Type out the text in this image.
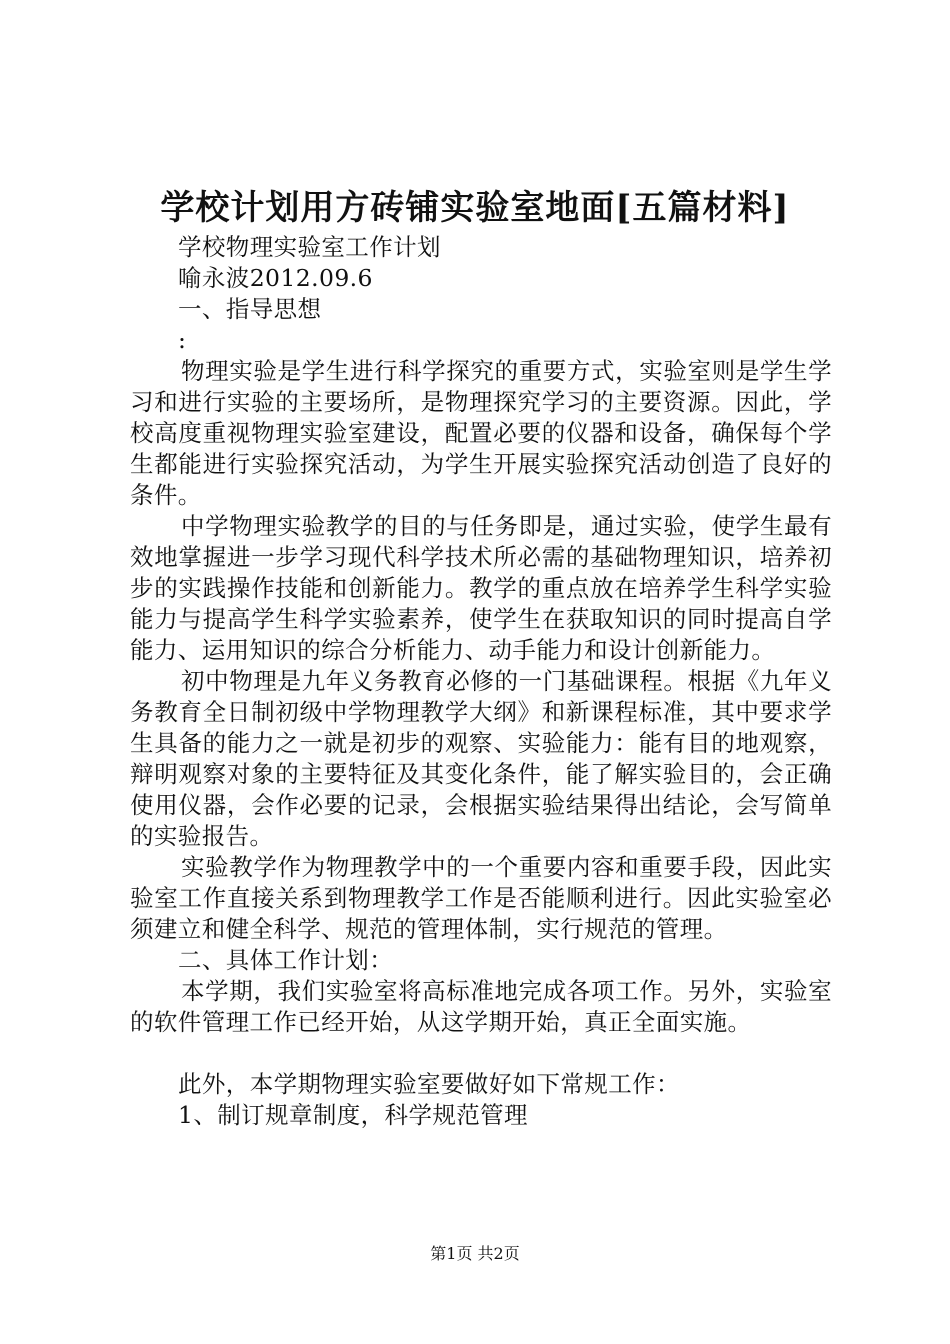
学校计划用方砖铺实验室地面[五篇材料]

学校物理实验室工作计划

喻永波2012.09.6

一、指导思想

:

物理实验是学生进行科学探究的重要方式，实验室则是学生学习和进行实验的主要场所，是物理探究学习的主要资源。因此，学校高度重视物理实验室建设，配置必要的仪器和设备，确保每个学生都能进行实验探究活动，为学生开展实验探究活动创造了良好的条件。

中学物理实验教学的目的与任务即是，通过实验，使学生最有效地掌握进一步学习现代科学技术所必需的基础物理知识，培养初步的实践操作技能和创新能力。教学的重点放在培养学生科学实验能力与提高学生科学实验素养，使学生在获取知识的同时提高自学能力、运用知识的综合分析能力、动手能力和设计创新能力。

初中物理是九年义务教育必修的一门基础课程。根据《九年义务教育全日制初级中学物理教学大纲》和新课程标准，其中要求学生具备的能力之一就是初步的观察、实验能力：能有目的地观察，辩明观察对象的主要特征及其变化条件，能了解实验目的，会正确使用仪器，会作必要的记录，会根据实验结果得出结论，会写简单的实验报告。

实验教学作为物理教学中的一个重要内容和重要手段，因此实验室工作直接关系到物理教学工作是否能顺利进行。因此实验室必须建立和健全科学、规范的管理体制，实行规范的管理。

二、具体工作计划：

本学期，我们实验室将高标准地完成各项工作。另外，实验室的软件管理工作已经开始，从这学期开始，真正全面实施。

此外，本学期物理实验室要做好如下常规工作：

1、制订规章制度，科学规范管理

第1页 共2页
